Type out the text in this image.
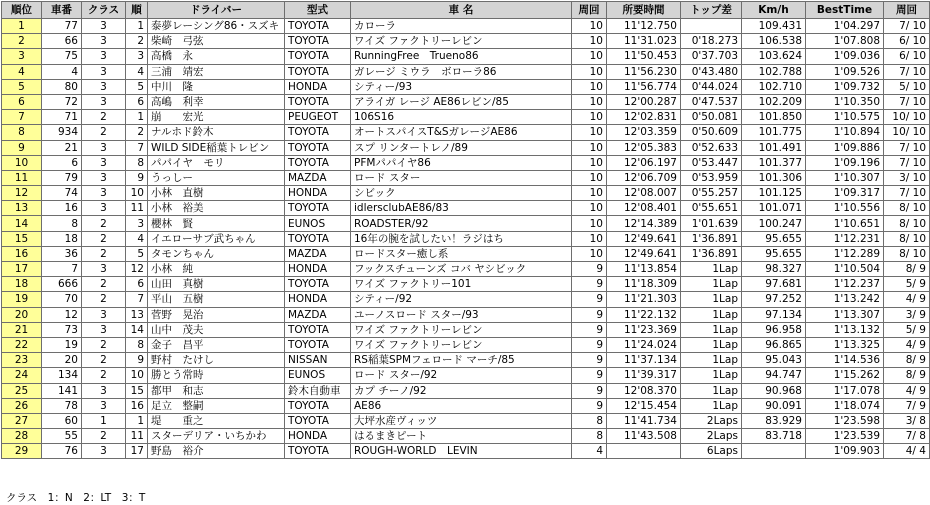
順位	車番	クラス	順	ドライバー	型式	車 名	周回	所要時間	トップ差	Km/h	BestTime	周回
1	77	3	1	泰夢レーシング86・スズキ	TOYOTA	カローラ	10	11'12.750		109.431	1'04.297	7/ 10
2	66	3	2	柴崎　弓弦	TOYOTA	ワイズ ファクトリーレビン	10	11'31.023	0'18.273	106.538	1'07.808	6/ 10
3	75	3	3	高橋　永	TOYOTA	RunningFree　Trueno86	10	11'50.453	0'37.703	103.624	1'09.036	6/ 10
4	4	3	4	三浦　靖宏	TOYOTA	ガレージ ミウラ　ボローラ86	10	11'56.230	0'43.480	102.788	1'09.526	7/ 10
5	80	3	5	中川　隆	HONDA	シティー/93	10	11'56.774	0'44.024	102.710	1'09.732	5/ 10
6	72	3	6	高嶋　利幸	TOYOTA	アライガ レージ AE86レビン/85	10	12'00.287	0'47.537	102.209	1'10.350	7/ 10
7	71	2	1	崩　　宏光	PEUGEOT	106S16	10	12'02.831	0'50.081	101.850	1'10.575	10/ 10
8	934	2	2	ナルホド鈴木	TOYOTA	オートスパイスT&SガレージAE86	10	12'03.359	0'50.609	101.775	1'10.894	10/ 10
9	21	3	7	WILD SIDE稲葉トレビン	TOYOTA	スプ リンタートレノ/89	10	12'05.383	0'52.633	101.491	1'09.886	7/ 10
10	6	3	8	パパイヤ　モリ	TOYOTA	PFMパパイヤ86	10	12'06.197	0'53.447	101.377	1'09.196	7/ 10
11	79	3	9	うっしー	MAZDA	ロード スター	10	12'06.709	0'53.959	101.306	1'10.307	3/ 10
12	74	3	10	小林　直樹	HONDA	シビック	10	12'08.007	0'55.257	101.125	1'09.317	7/ 10
13	16	3	11	小林　裕美	TOYOTA	idlersclubAE86/83	10	12'08.401	0'55.651	101.071	1'10.556	8/ 10
14	8	2	3	櫻林　賢	EUNOS	ROADSTER/92	10	12'14.389	1'01.639	100.247	1'10.651	8/ 10
15	18	2	4	イエローサブ武ちゃん	TOYOTA	16年の腕を試したい！ラジはち	10	12'49.641	1'36.891	95.655	1'12.231	8/ 10
16	36	2	5	タモンちゃん	MAZDA	ロードスター癒し系	10	12'49.641	1'36.891	95.655	1'12.289	8/ 10
17	7	3	12	小林　純	HONDA	フックスチューンズ コバ ヤシビック	9	11'13.854	1Lap	98.327	1'10.504	8/ 9
18	666	2	6	山田　真樹	TOYOTA	ワイズ ファクトリー101	9	11'18.309	1Lap	97.681	1'12.237	5/ 9
19	70	2	7	平山　五樹	HONDA	シティー/92	9	11'21.303	1Lap	97.252	1'13.242	4/ 9
20	12	3	13	菅野　晃治	MAZDA	ユーノスロード スター/93	9	11'22.132	1Lap	97.134	1'13.307	3/ 9
21	73	3	14	山中　茂夫	TOYOTA	ワイズ ファクトリーレビン	9	11'23.369	1Lap	96.958	1'13.132	5/ 9
22	19	2	8	金子　昌平	TOYOTA	ワイズ ファクトリーレビン	9	11'24.024	1Lap	96.865	1'13.325	4/ 9
23	20	2	9	野村　たけし	NISSAN	RS稲葉SPMフェロード マーチ/85	9	11'37.134	1Lap	95.043	1'14.536	8/ 9
24	134	2	10	勝とう常時	EUNOS	ロード スター/92	9	11'39.317	1Lap	94.747	1'15.262	8/ 9
25	141	3	15	都甲　和志	鈴木自動車	カプ チーノ/92	9	12'08.370	1Lap	90.968	1'17.078	4/ 9
26	78	3	16	足立　整嗣	TOYOTA	AE86	9	12'15.454	1Lap	90.091	1'18.074	7/ 9
27	60	1	1	堤　　重之	TOYOTA	大坪水産ヴィッツ	8	11'41.734	2Laps	83.929	1'23.598	3/ 8
28	55	2	11	スターデリア・いちかわ	HONDA	はるまきピート	8	11'43.508	2Laps	83.718	1'23.539	7/ 8
29	76	3	17	野島　裕介	TOYOTA	ROUGH-WORLD　LEVIN	4		6Laps		1'09.903	4/ 4
クラス　1：N　2：LT　3：T
